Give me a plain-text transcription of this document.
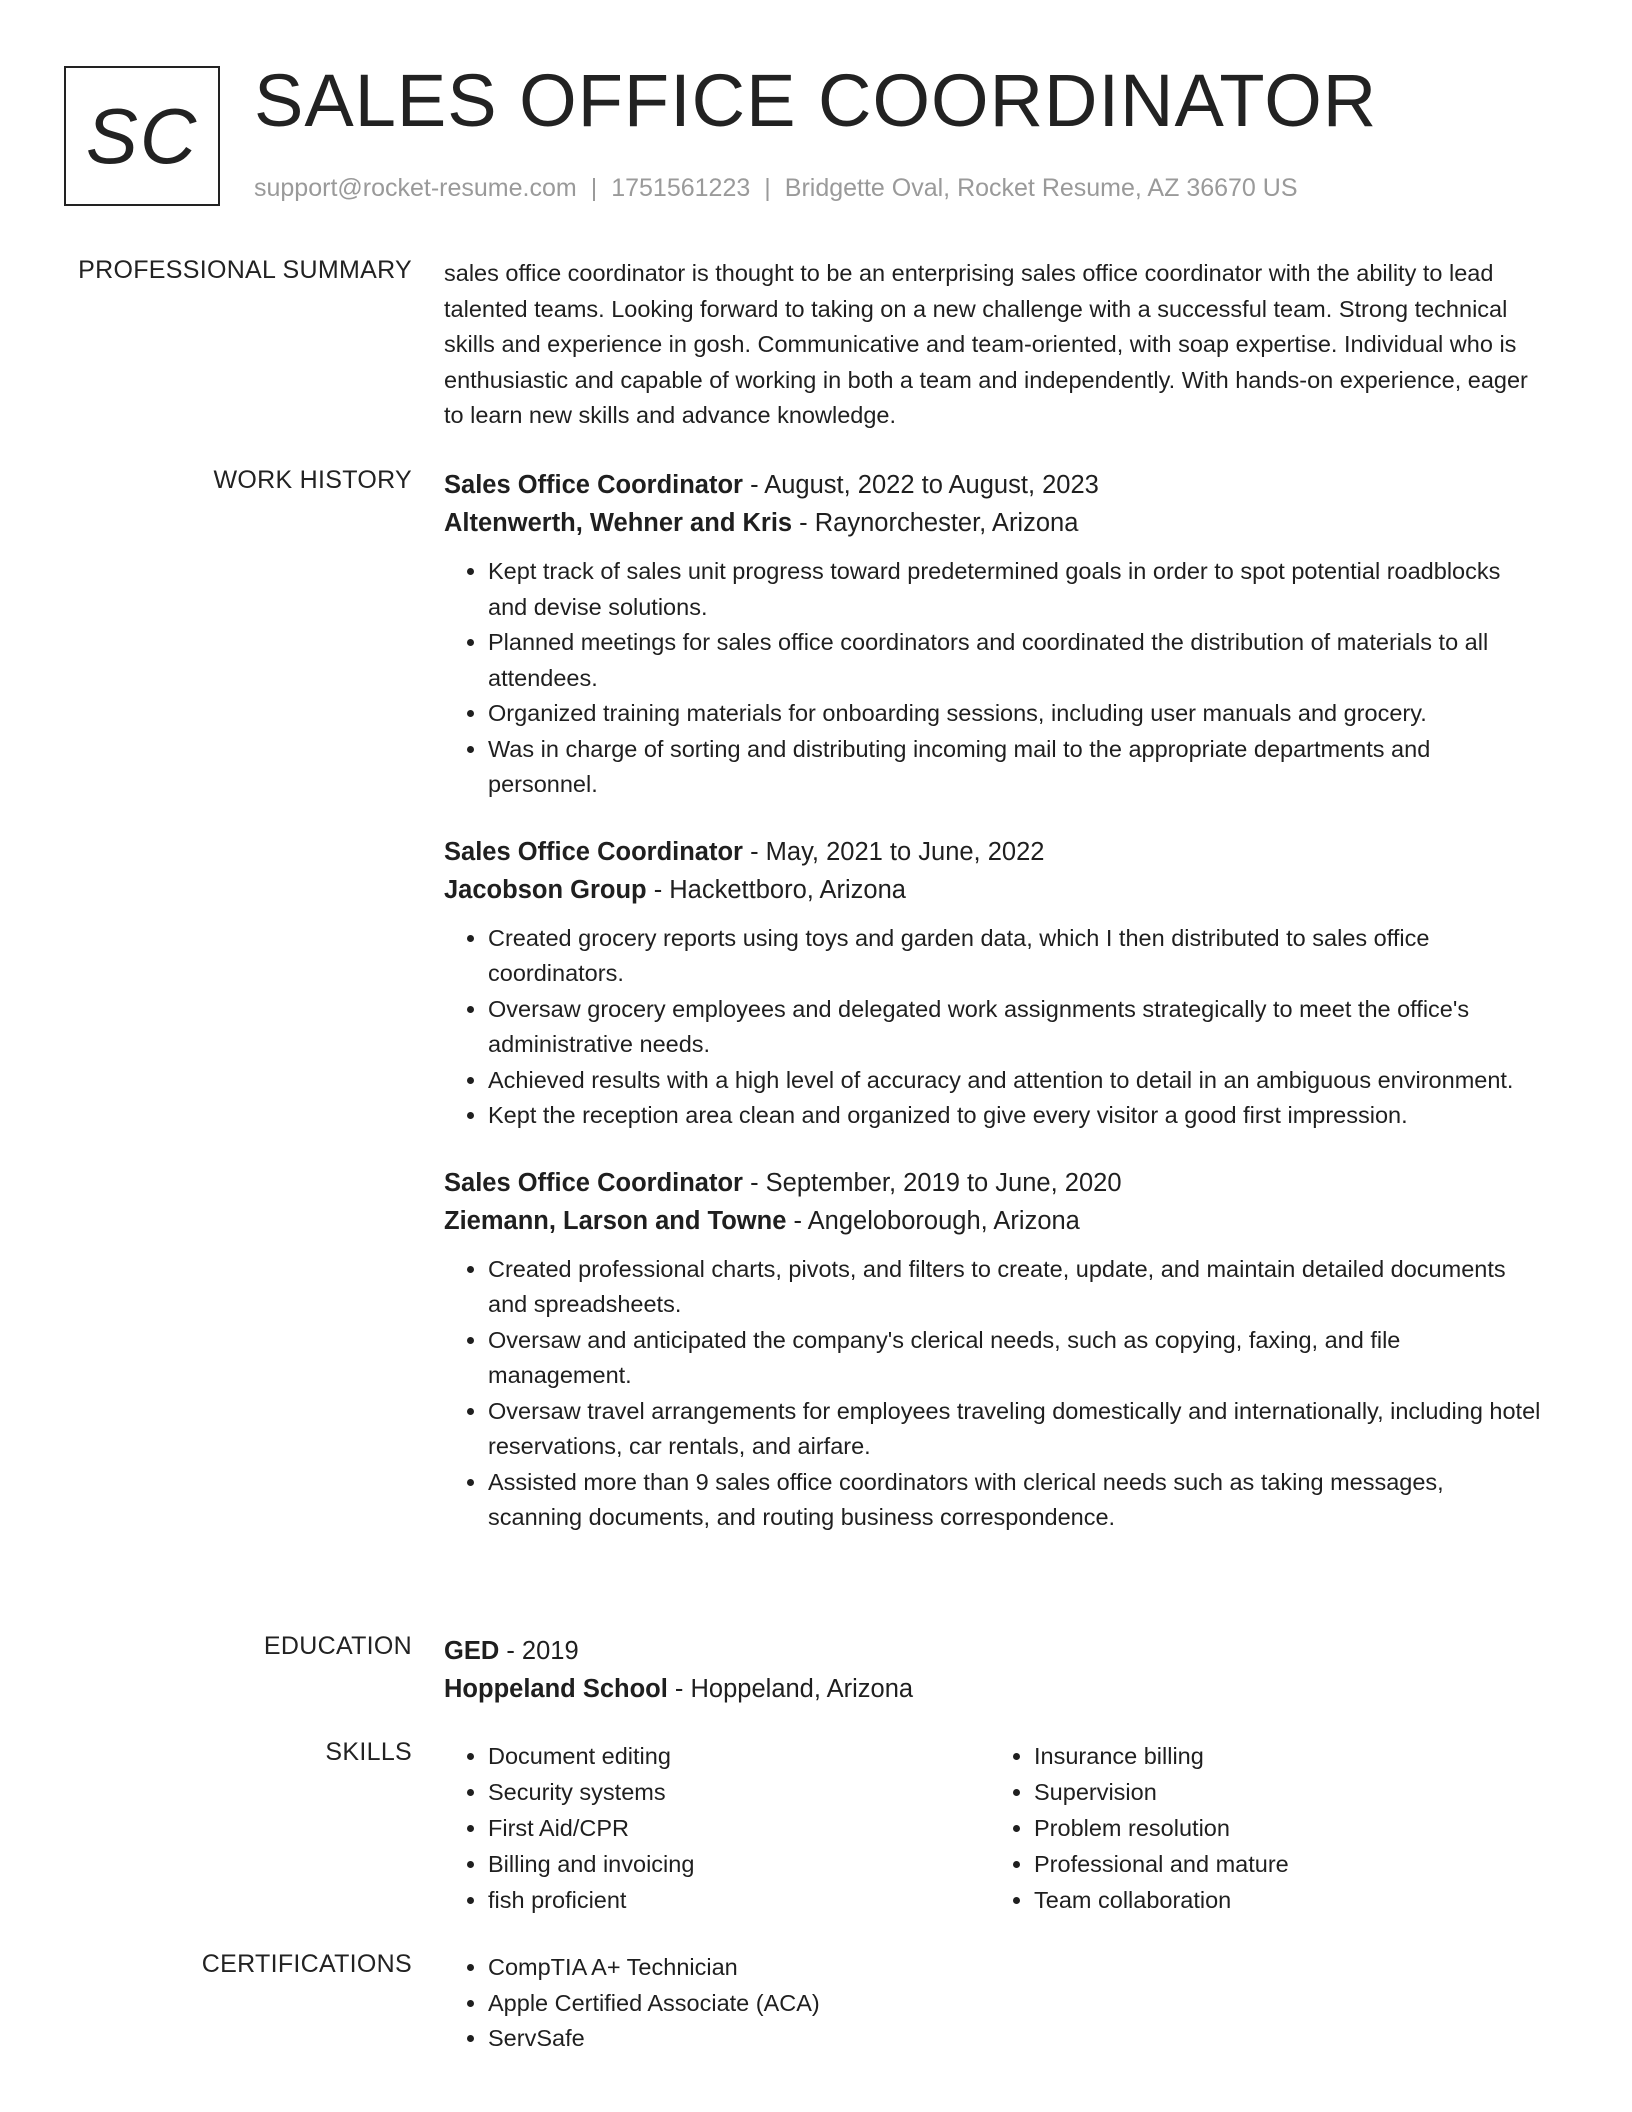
SC SALES OFFICE COORDINATOR
support@rocket-resume.com | 1751561223 | Bridgette Oval, Rocket Resume, AZ 36670 US
PROFESSIONAL SUMMARY sales office coordinator is thought to be an enterprising sales office coordinator with the ability to lead talented teams. Looking forward to taking on a new challenge with a successful team. Strong technical skills and experience in gosh. Communicative and team-oriented, with soap expertise. Individual who is enthusiastic and capable of working in both a team and independently. With hands-on experience, eager to learn new skills and advance knowledge.

WORK HISTORY Sales Office Coordinator - August, 2022 to August, 2023
Altenwerth, Wehner and Kris - Raynorchester, Arizona
• Kept track of sales unit progress toward predetermined goals in order to spot potential roadblocks and devise solutions.
• Planned meetings for sales office coordinators and coordinated the distribution of materials to all attendees.
• Organized training materials for onboarding sessions, including user manuals and grocery.
• Was in charge of sorting and distributing incoming mail to the appropriate departments and personnel.
Sales Office Coordinator - May, 2021 to June, 2022
Jacobson Group - Hackettboro, Arizona
• Created grocery reports using toys and garden data, which I then distributed to sales office coordinators.
• Oversaw grocery employees and delegated work assignments strategically to meet the office's administrative needs.
• Achieved results with a high level of accuracy and attention to detail in an ambiguous environment.
• Kept the reception area clean and organized to give every visitor a good first impression.
Sales Office Coordinator - September, 2019 to June, 2020
Ziemann, Larson and Towne - Angeloborough, Arizona
• Created professional charts, pivots, and filters to create, update, and maintain detailed documents and spreadsheets.
• Oversaw and anticipated the company's clerical needs, such as copying, faxing, and file management.
• Oversaw travel arrangements for employees traveling domestically and internationally, including hotel reservations, car rentals, and airfare.
• Assisted more than 9 sales office coordinators with clerical needs such as taking messages, scanning documents, and routing business correspondence.
EDUCATION GED - 2019
Hoppeland School - Hoppeland, Arizona
SKILLS	• Document editing
• Security systems
• First Aid/CPR
• Billing and invoicing
• fish proficient
• Insurance billing
• Supervision
• Problem resolution
• Professional and mature
• Team collaboration
CERTIFICATIONS	• CompTIA A+ Technician
• Apple Certified Associate (ACA)
• ServSafe
